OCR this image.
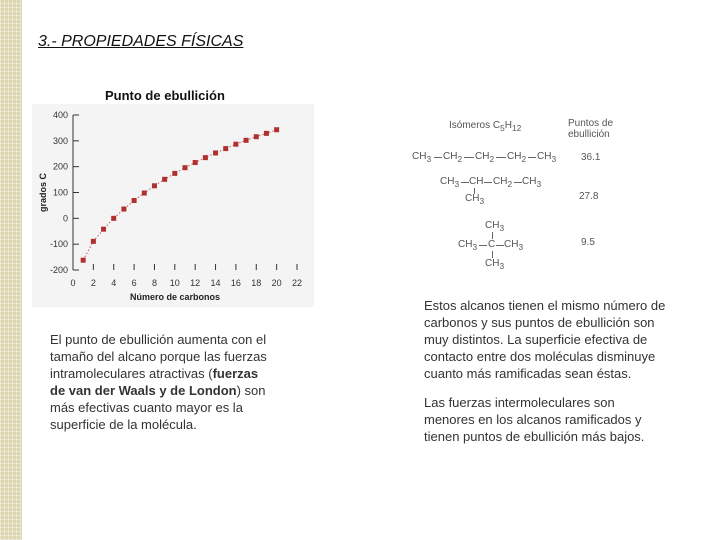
3.- PROPIEDADES FÍSICAS
Punto de ebullición
400
300
200
100
0
-100
-200
0 2 4 6 8 10 12 14 16 18 20 22
Número de carbonos
grados C
Isómeros $C_5H_{12}$	Puntos de
ebullición
$CH_3$ $CH_2$ $CH_2$ $CH_2$ $CH_3$ 36.1
$CH_3$ CH $CH_2$ $CH_3$
$CH_3$	27.8
$CH_3$
$CH_3$ C $CH_3$
$CH_3$
9.5
El punto de ebullición aumenta con el tamaño del alcano porque las fuerzas intramoleculares atractivas (fuerzas de van der Waals y de London) son más efectivas cuanto mayor es la superficie de la molécula.

Estos alcanos tienen el mismo número de carbonos y sus puntos de ebullición son muy distintos. La superficie efectiva de contacto entre dos moléculas disminuye cuanto más ramificadas sean éstas.

Las fuerzas intermoleculares son menores en los alcanos ramificados y tienen puntos de ebullición más bajos.
